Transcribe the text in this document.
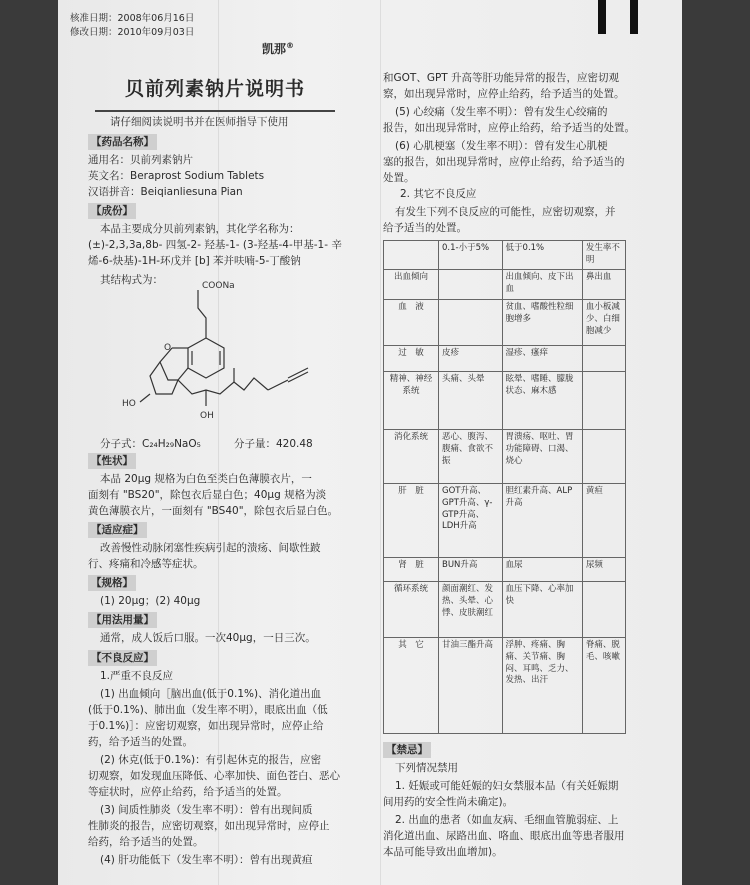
核准日期：2008年06月16日
修改日期：2010年09月03日
凯那®
贝前列素钠片说明书
请仔细阅读说明书并在医师指导下使用
【药品名称】
通用名：贝前列素钠片
英文名：Beraprost Sodium Tablets
汉语拼音：Beiqianliesuna Pian
【成份】
本品主要成分贝前列素钠，其化学名称为：
(±)-2,3,3a,8b- 四氢-2- 羟基-1- (3-羟基-4-甲基-1- 辛
烯-6-炔基)-1H-环戊并 [b] 苯并呋喃-5-丁酸钠
其结构式为：	COONa
O
HO
OH
分子式：C₂₄H₂₉NaO₅	分子量：420.48
【性状】
本品 20μg 规格为白色至类白色薄膜衣片，一
面刻有 "BS20"，除包衣后显白色；40μg 规格为淡
黄色薄膜衣片，一面刻有 "BS40"，除包衣后显白色。
【适应症】
改善慢性动脉闭塞性疾病引起的溃疡、间歇性跛
行、疼痛和冷感等症状。
【规格】
(1) 20μg；(2) 40μg
【用法用量】
通常，成人饭后口服。一次40μg，一日三次。
【不良反应】
1.严重不良反应
(1) 出血倾向［脑出血(低于0.1%)、消化道出血
(低于0.1%)、肺出血（发生率不明），眼底出血（低
于0.1%)］：应密切观察，如出现异常时，应停止给
药，给予适当的处置。
(2) 休克(低于0.1%)：有引起休克的报告，应密
切观察，如发现血压降低、心率加快、面色苍白、恶心
等症状时，应停止给药，给予适当的处置。
(3) 间质性肺炎（发生率不明）：曾有出现间质
性肺炎的报告，应密切观察，如出现异常时，应停止
给药，给予适当的处置。
(4) 肝功能低下（发生率不明）：曾有出现黄疸
和GOT、GPT 升高等肝功能异常的报告，应密切观
察，如出现异常时，应停止给药，给予适当的处置。
(5) 心绞痛（发生率不明）：曾有发生心绞痛的
报告，如出现异常时，应停止给药，给予适当的处置。
(6) 心肌梗塞（发生率不明）：曾有发生心肌梗
塞的报告，如出现异常时，应停止给药，给予适当的
处置。
2. 其它不良反应
有发生下列不良反应的可能性，应密切观察，并
给予适当的处置。
	0.1-小于5%	低于0.1%	发生率不明
出血倾向		出血倾向、皮下出血	鼻出血
血　液		贫血、嗜酸性粒细胞增多	血小板减少、白细胞减少
过　敏	皮疹	湿疹、瘙痒	
精神、神经系统	头痛、头晕	眩晕、嗜睡、朦胧状态、麻木感	
消化系统	恶心、腹泻、腹痛、食欲不振	胃溃疡、呕吐、胃功能障碍、口渴、烧心	
肝　脏	GOT升高、GPT升高、γ-GTP升高、LDH升高	胆红素升高、ALP升高	黄疸
肾　脏	BUN升高	血尿	尿频
循环系统	颜面潮红、发热、头晕、心悸、皮肤潮红	血压下降、心率加快	
其　它	甘油三酯升高	浮肿、疼痛、胸痛、关节痛、胸闷、耳鸣、乏力、发热、出汗	脊痛、脱毛、咳嗽
【禁忌】
下列情况禁用
1. 妊娠或可能妊娠的妇女禁服本品（有关妊娠期
间用药的安全性尚未确定)。
2. 出血的患者（如血友病、毛细血管脆弱症、上
消化道出血、尿路出血、咯血、眼底出血等患者服用
本品可能导致出血增加)。
